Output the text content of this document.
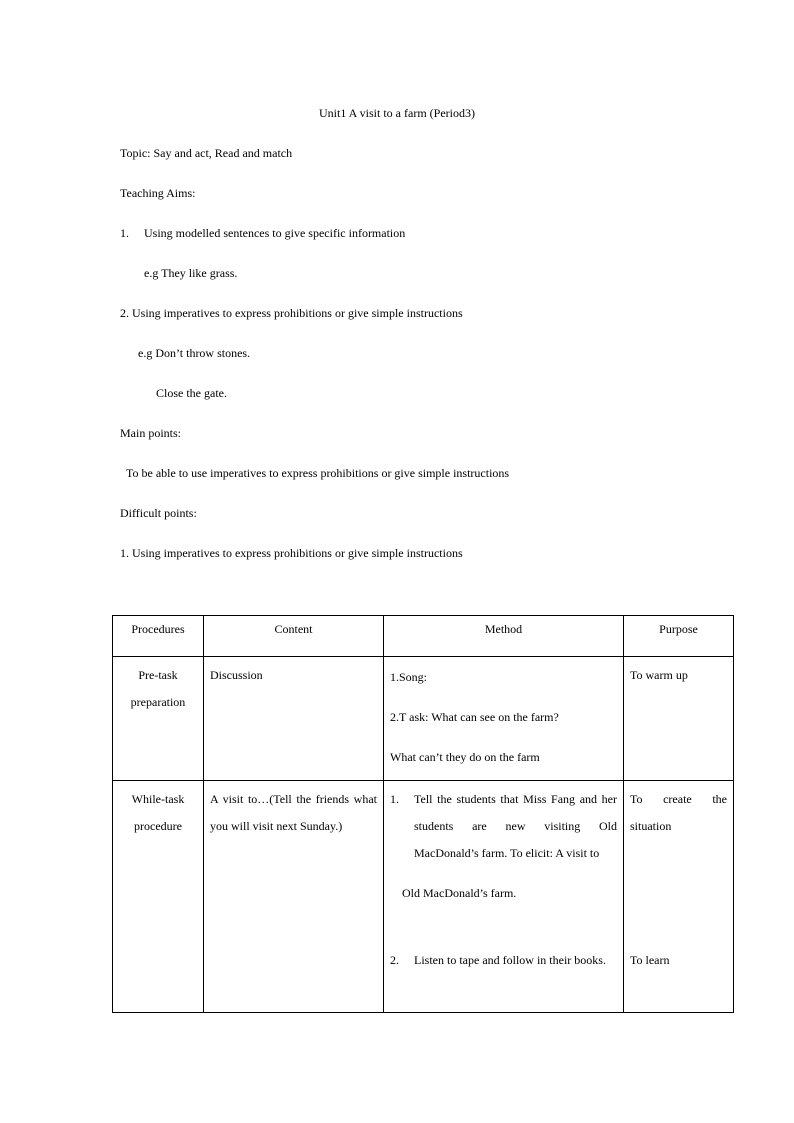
Unit1 A visit to a farm (Period3)
Topic: Say and act, Read and match
Teaching Aims:
1. Using modelled sentences to give specific information
e.g They like grass.
2. Using imperatives to express prohibitions or give simple instructions
e.g Don’t throw stones.
Close the gate.
Main points:
To be able to use imperatives to express prohibitions or give simple instructions
Difficult points:
1. Using imperatives to express prohibitions or give simple instructions
Procedures	Content	Method	Purpose

Pre-task
preparation	Discussion	1.Song:
2.T ask: What can see on the farm?
What can’t they do on the farm	To warm up

While-task
procedure	A visit to…(Tell the friends what you will visit next Sunday.)	1. Tell the students that Miss Fang and her students are new visiting Old MacDonald’s farm. To elicit: A visit to
Old MacDonald’s farm.
2. Listen to tape and follow in their books.	To create the situation
To learn
